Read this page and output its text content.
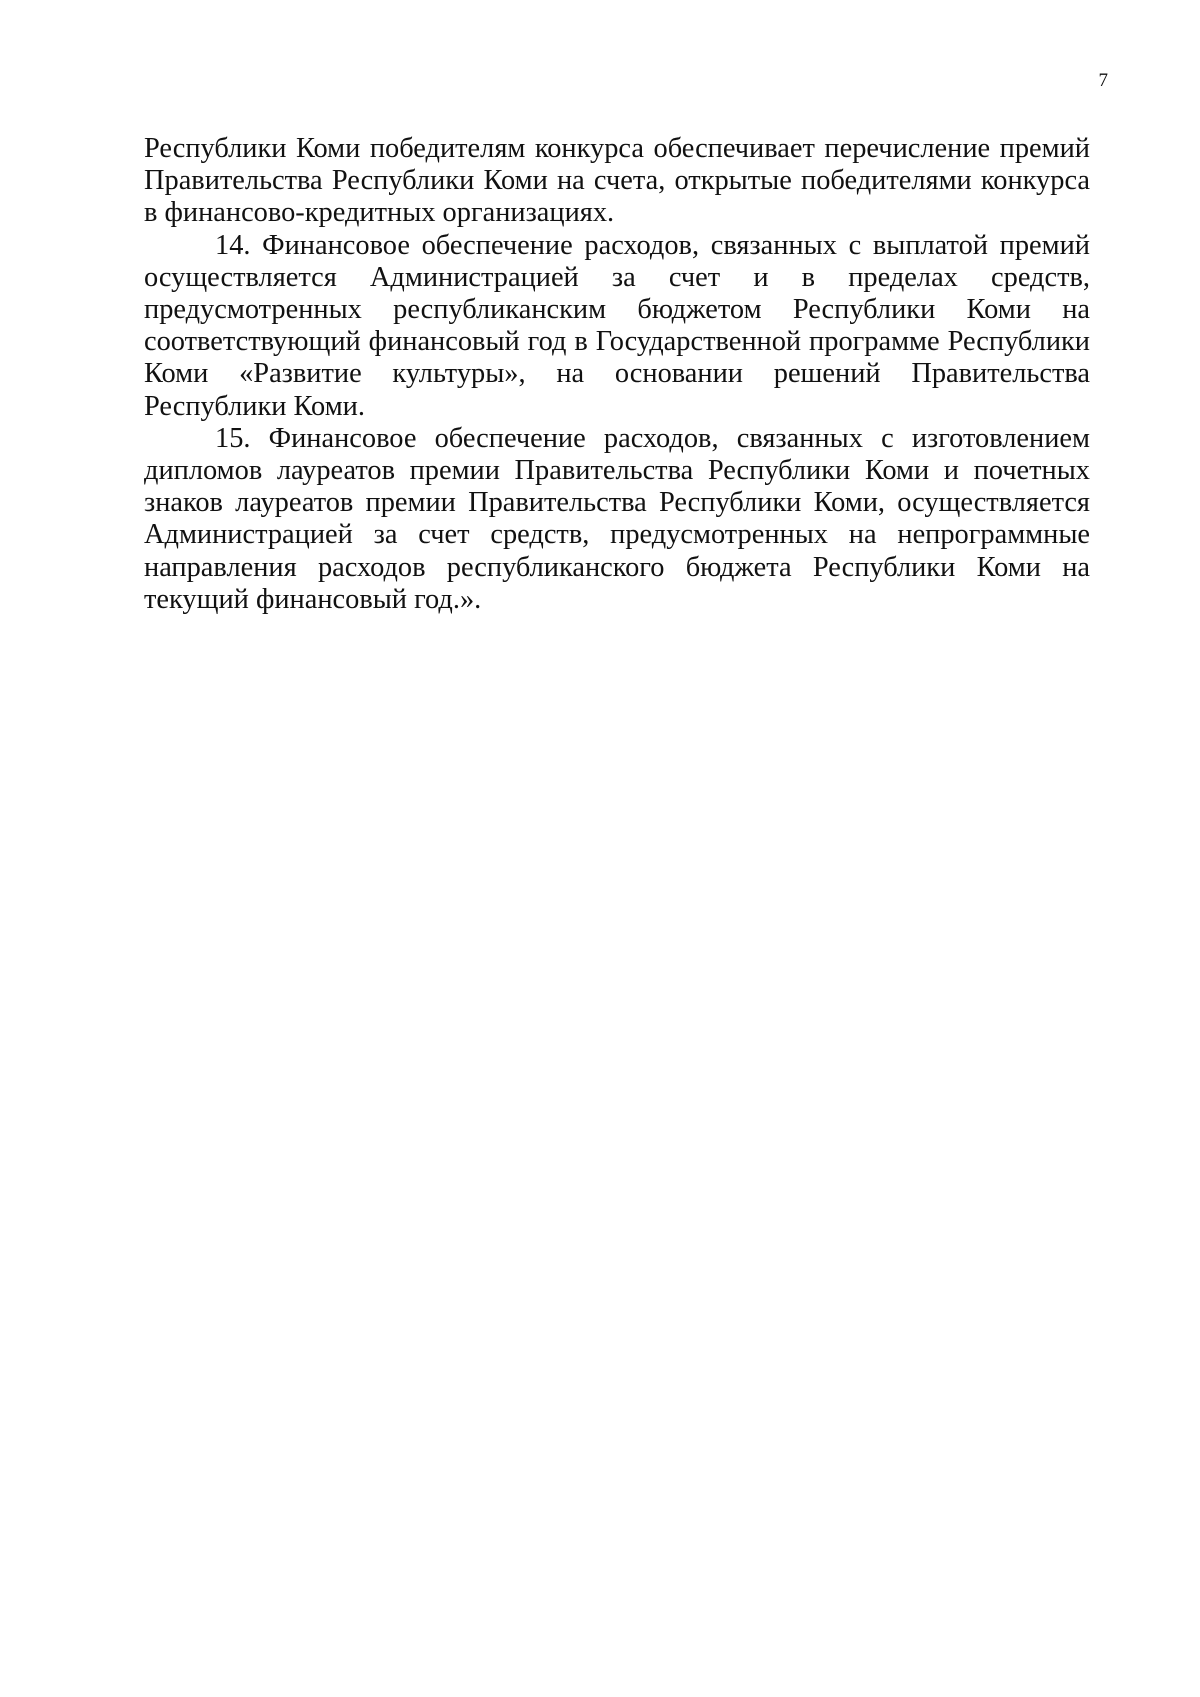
7

Республики Коми победителям конкурса обеспечивает перечисление премий Правительства Республики Коми на счета, открытые победителями конкурса в финансово-кредитных организациях.

14. Финансовое обеспечение расходов, связанных с выплатой премий осуществляется Администрацией за счет и в пределах средств, предусмотренных республиканским бюджетом Республики Коми на соответствующий финансовый год в Государственной программе Республики Коми «Развитие культуры», на основании решений Правительства Республики Коми.

15. Финансовое обеспечение расходов, связанных с изготовлением дипломов лауреатов премии Правительства Республики Коми и почетных знаков лауреатов премии Правительства Республики Коми, осуществляется Администрацией за счет средств, предусмотренных на непрограммные направления расходов республиканского бюджета Республики Коми на текущий финансовый год.».
